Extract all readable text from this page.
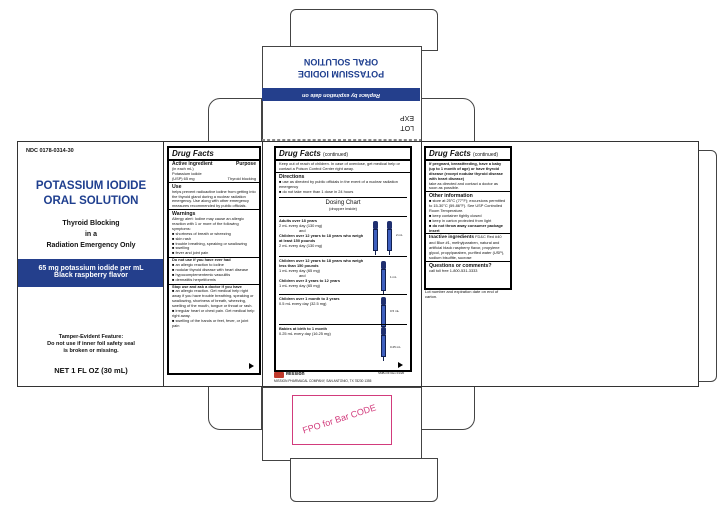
LOT
EXP
Replace by expiration date on
POTASSIUM IODIDE
ORAL SOLUTION
NDC 0178-0314-30
POTASSIUM IODIDE
ORAL SOLUTION
Thyroid Blocking
in a
Radiation Emergency Only
65 mg potassium iodide per mL
Black raspberry flavor
Tamper-Evident Feature:
Do not use if inner foil safety seal
is broken or missing.
NET 1 FL OZ (30 mL)
Drug Facts
Active ingredient	Purpose
(in each mL)
Potassium iodide
(USP) 65 mg	Thyroid blocking
Use
helps prevent radioactive iodine from getting into the thyroid gland during a nuclear radiation emergency. Use along with other emergency measures recommended by public officials.
Warnings
Allergy alert: Iodine may cause an allergic reaction with 1 or more of the following symptoms:
■ shortness of breath or wheezing
■ skin rash
■ trouble breathing, speaking or swallowing
■ swelling
■ fever and joint pain
Do not use if you have ever had
■ an allergic reaction to iodine
■ nodular thyroid disease with heart disease
■ hypocomplementemic vasculitis
■ dermatitis herpetiformis
Stop use and ask a doctor if you have
■ an allergic reaction. Get medical help right away if you have trouble breathing, speaking or swallowing, shortness of breath, wheezing, swelling of the mouth, tongue or throat or rash.
■ irregular heart or chest pain. Get medical help right away.
■ swelling of the hands or feet, fever, or joint pain
Drug Facts (continued)
Keep out of reach of children. In case of overdose, get medical help or contact a Poison Control Center right away.
Directions
■ use as directed by public officials in the event of a nuclear radiation emergency
■ do not take more than 1 dose in 24 hours
Dosing Chart
(dropper inside)
Adults over 18 years
2 mL every day (130 mg)
and
Children over 12 years to 18 years who weigh at least 150 pounds
2 mL every day (130 mg)
2 mL
Children over 12 years to 18 years who weigh less than 150 pounds
1 mL every day (65 mg)
and
Children over 3 years to 12 years
1 mL every day (65 mg)
1 mL
Children over 1 month to 3 years
0.5 mL every day (32.5 mg)
0.5 mL
Babies at birth to 1 month
0.25 mL every day (16.25 mg)
0.25 mL
Mission
MISSION PHARMACAL COMPANY, SAN ANTONIO, TX 78230 1355
SMB-OF Rev 01/20
Drug Facts (continued)
If pregnant, breastfeeding, have a baby (up to 1 month of age) or have thyroid disease (except nodular thyroid disease with heart disease)
take as directed and contact a doctor as soon as possible.
Other information
■ store at 25°C (77°F); excursions permitted to 15-30°C (59-86°F). See USP Controlled Room Temperature.
■ keep container tightly closed
■ keep in carton protected from light
■ do not throw away consumer package insert
Inactive ingredients FD&C Red #40 and Blue #1, methylparaben, natural and artificial black raspberry flavor, propylene glycol, propylparaben, purified water (USP), sodium bisulfite, sucrose
Questions or comments?
call toll free 1-800-531-3333
Lot number and expiration date on end of carton.
FPO for Bar CODE
